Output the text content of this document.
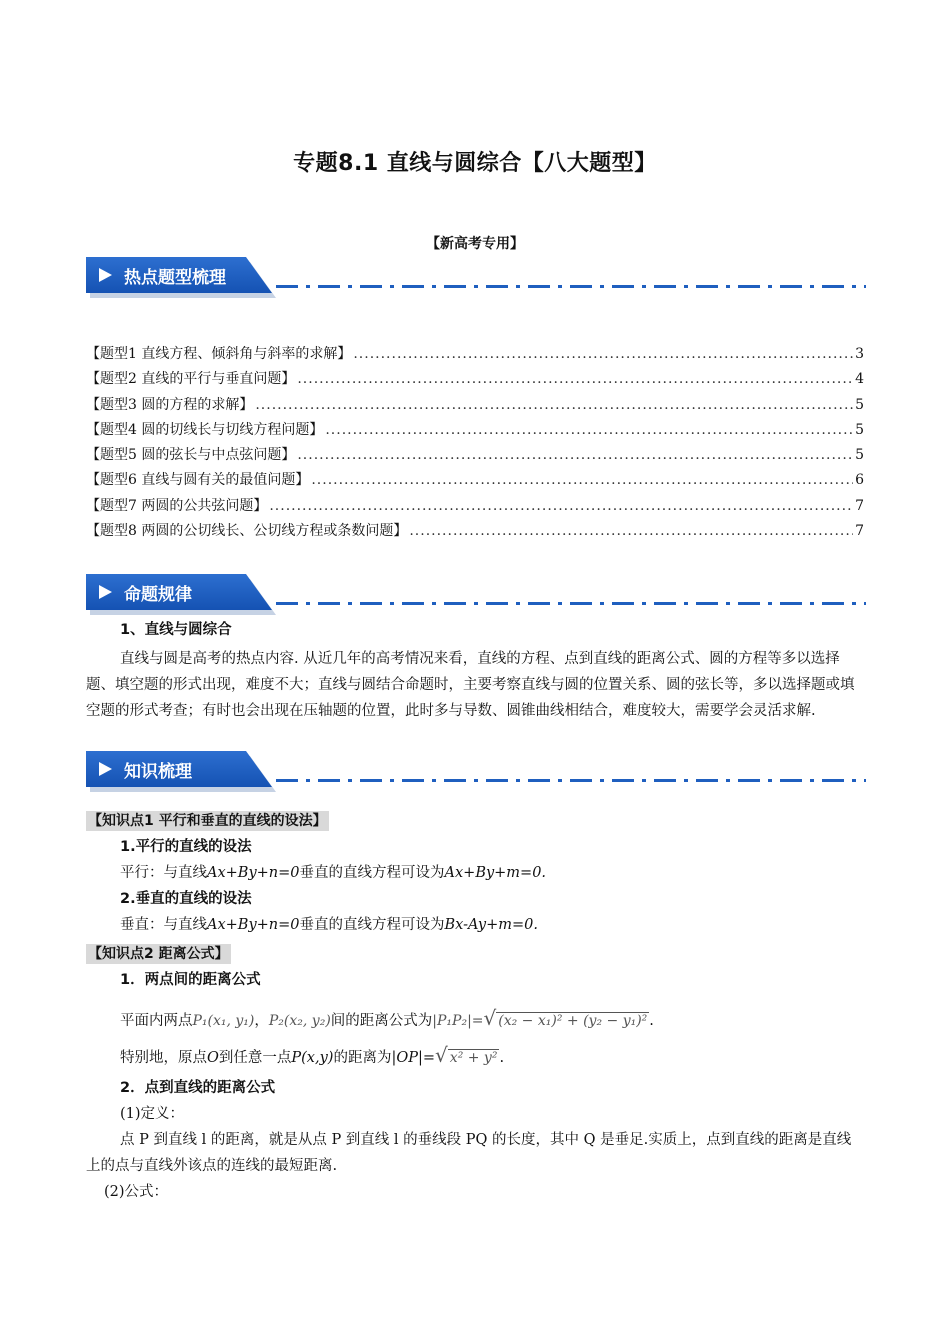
专题8.1 直线与圆综合【八大题型】
【新高考专用】
热点题型梳理
【题型1 直线方程、倾斜角与斜率的求解】 .....	3
【题型2 直线的平行与垂直问题】 .....	4
【题型3 圆的方程的求解】 .....	5
【题型4 圆的切线长与切线方程问题】 .....	5
【题型5 圆的弦长与中点弦问题】 .....	5
【题型6 直线与圆有关的最值问题】 .....	6
【题型7 两圆的公共弦问题】 .....	7
【题型8 两圆的公切线长、公切线方程或条数问题】 .....	7
命题规律
1、直线与圆综合
直线与圆是高考的热点内容. 从近几年的高考情况来看，直线的方程、点到直线的距离公式、圆的方程等多以选择题、填空题的形式出现，难度不大；直线与圆结合命题时，主要考察直线与圆的位置关系、圆的弦长等，多以选择题或填空题的形式考查；有时也会出现在压轴题的位置，此时多与导数、圆锥曲线相结合，难度较大，需要学会灵活求解.
知识梳理
【知识点1 平行和垂直的直线的设法】
1.平行的直线的设法
平行：与直线Ax+By+n=0垂直的直线方程可设为Ax+By+m=0.
2.垂直的直线的设法
垂直：与直线Ax+By+n=0垂直的直线方程可设为Bx-Ay+m=0.
【知识点2 距离公式】
1．两点间的距离公式
平面内两点P₁(x₁, y₁)，P₂(x₂, y₂)间的距离公式为|P₁P₂|=√ (x₂ − x₁)² + (y₂ − y₁)² .
特别地，原点O到任意一点P(x,y)的距离为|OP|=√ x² + y² .
2．点到直线的距离公式
(1)定义：
点 P 到直线 l 的距离，就是从点 P 到直线 l 的垂线段 PQ 的长度，其中 Q 是垂足.实质上，点到直线的距离是直线上的点与直线外该点的连线的最短距离.
(2)公式：
